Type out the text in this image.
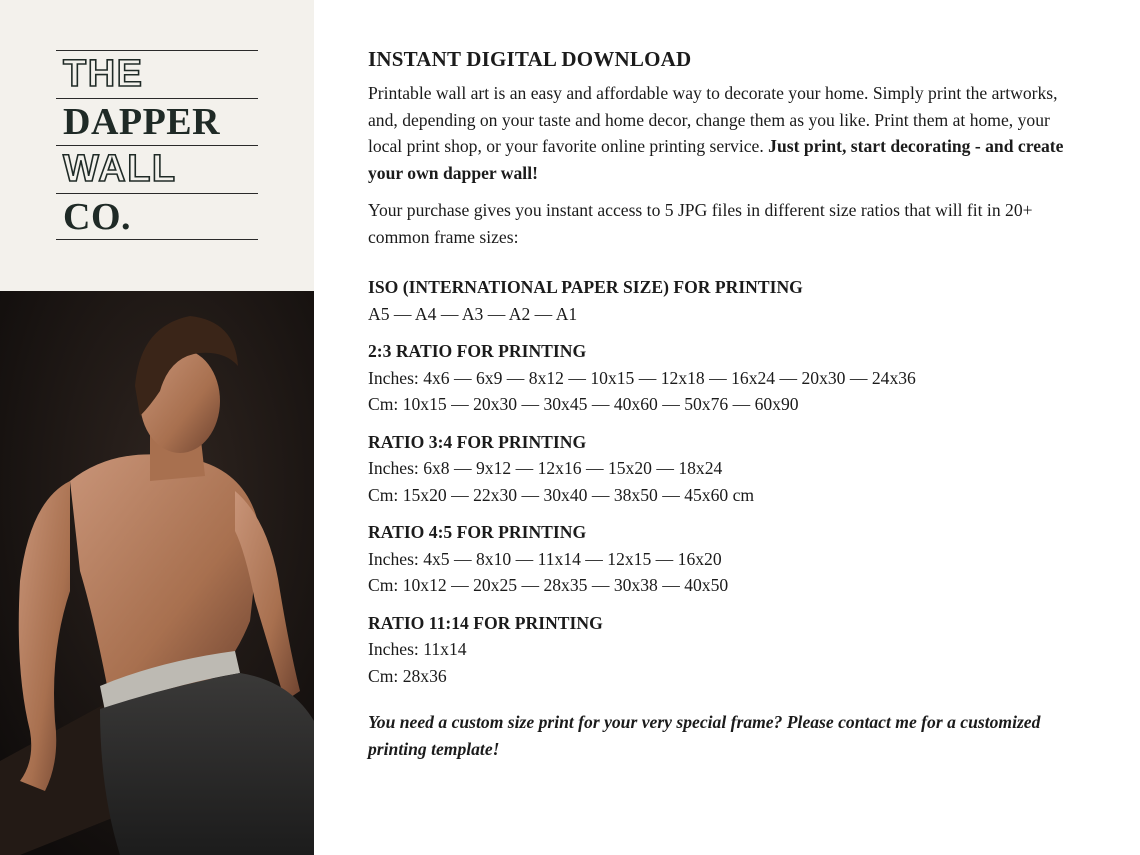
THE
DAPPER
WALL
CO.
INSTANT DIGITAL DOWNLOAD

Printable wall art is an easy and affordable way to decorate your home. Simply print the artworks, and, depending on your taste and home decor, change them as you like. Print them at home, your local print shop, or your favorite online printing service. Just print, start decorating - and create your own dapper wall!

Your purchase gives you instant access to 5 JPG files in different size ratios that will fit in 20+ common frame sizes:

ISO (INTERNATIONAL PAPER SIZE) FOR PRINTING
A5 — A4 — A3 — A2 — A1
2:3 RATIO FOR PRINTING
Inches: 4x6 — 6x9 — 8x12 — 10x15 — 12x18 — 16x24 — 20x30 — 24x36
Cm: 10x15 — 20x30 — 30x45 — 40x60 — 50x76 — 60x90
RATIO 3:4 FOR PRINTING
Inches: 6x8 — 9x12 — 12x16 — 15x20 — 18x24
Cm: 15x20 — 22x30 — 30x40 — 38x50 — 45x60 cm
RATIO 4:5 FOR PRINTING
Inches: 4x5 — 8x10 — 11x14 — 12x15 — 16x20
Cm: 10x12 — 20x25 — 28x35 — 30x38 — 40x50
RATIO 11:14 FOR PRINTING
Inches: 11x14
Cm: 28x36

You need a custom size print for your very special frame? Please contact me for a customized printing template!
